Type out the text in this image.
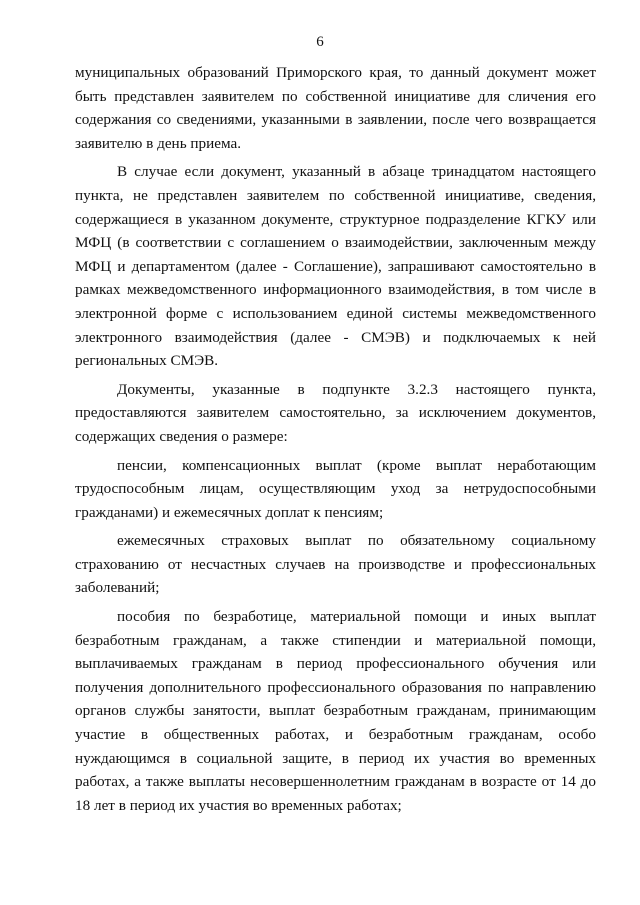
6

муниципальных образований Приморского края, то данный документ может быть представлен заявителем по собственной инициативе для сличения его содержания со сведениями, указанными в заявлении, после чего возвращается заявителю в день приема.

В случае если документ, указанный в абзаце тринадцатом настоящего пункта, не представлен заявителем по собственной инициативе, сведения, содержащиеся в указанном документе, структурное подразделение КГКУ или МФЦ (в соответствии с соглашением о взаимодействии, заключенным между МФЦ и департаментом (далее - Соглашение), запрашивают самостоятельно в рамках межведомственного информационного взаимодействия, в том числе в электронной форме с использованием единой системы межведомственного электронного взаимодействия (далее - СМЭВ) и подключаемых к ней региональных СМЭВ.

Документы, указанные в подпункте 3.2.3 настоящего пункта, предоставляются заявителем самостоятельно, за исключением документов, содержащих сведения о размере:

пенсии, компенсационных выплат (кроме выплат неработающим трудоспособным лицам, осуществляющим уход за нетрудоспособными гражданами) и ежемесячных доплат к пенсиям;

ежемесячных страховых выплат по обязательному социальному страхованию от несчастных случаев на производстве и профессиональных заболеваний;

пособия по безработице, материальной помощи и иных выплат безработным гражданам, а также стипендии и материальной помощи, выплачиваемых гражданам в период профессионального обучения или получения дополнительного профессионального образования по направлению органов службы занятости, выплат безработным гражданам, принимающим участие в общественных работах, и безработным гражданам, особо нуждающимся в социальной защите, в период их участия во временных работах, а также выплаты несовершеннолетним гражданам в возрасте от 14 до 18 лет в период их участия во временных работах;
